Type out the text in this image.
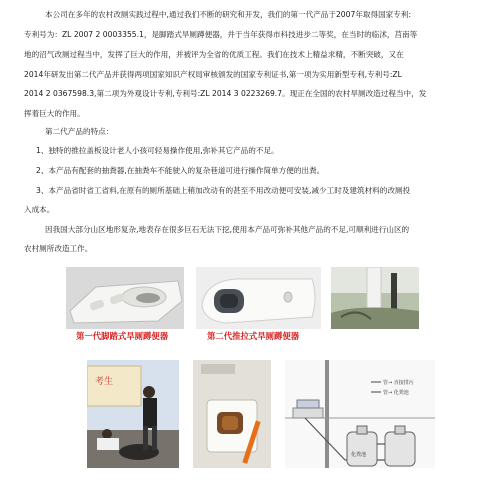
本公司在多年的农村改厕实践过程中,通过我们不断的研究和开发，我们的第一代产品于2007年取得国家专利:
专利号为：ZL 2007 2 0003355.1，是脚踏式旱厕蹲便器，并于当年获得市科技进步二等奖，在当时的临沭，莒南等
地的沼气改厕过程当中，发挥了巨大的作用，并被评为全省的优质工程。我们在技术上精益求精，不断突破，又在
2014年研发出第二代产品并获得两项国家知识产权局审核颁发的国家专利证书,第一项为实用新型专利,专利号:ZL
2014 2 0367598.3,第二项为外观设计专利,专利号:ZL 2014 3 0223269.7。现正在全国的农村旱厕改造过程当中，发
挥着巨大的作用。
第二代产品的特点：
1、独特的推拉盖板设计老人小孩可轻易操作使用,弥补其它产品的不足。
2、本产品有配套的抽粪器,在抽粪车不能驶入的复杂巷道可进行操作简单方便的出粪。
3、本产品省时省工省料,在原有的厕所基础上稍加改动有的甚至不用改动便可安装,减少工时及建筑材料的改厕投
入成本。
因我国大部分山区地形复杂,地表存在很多巨石无法下挖,使用本产品可弥补其他产品的不足,可顺利进行山区的
农村厕所改造工作。
第一代脚踏式旱厕蹲便器	第二代推拉式旱厕蹲便器
考生	管→ 直接排污
管→ 化粪池
化粪池
